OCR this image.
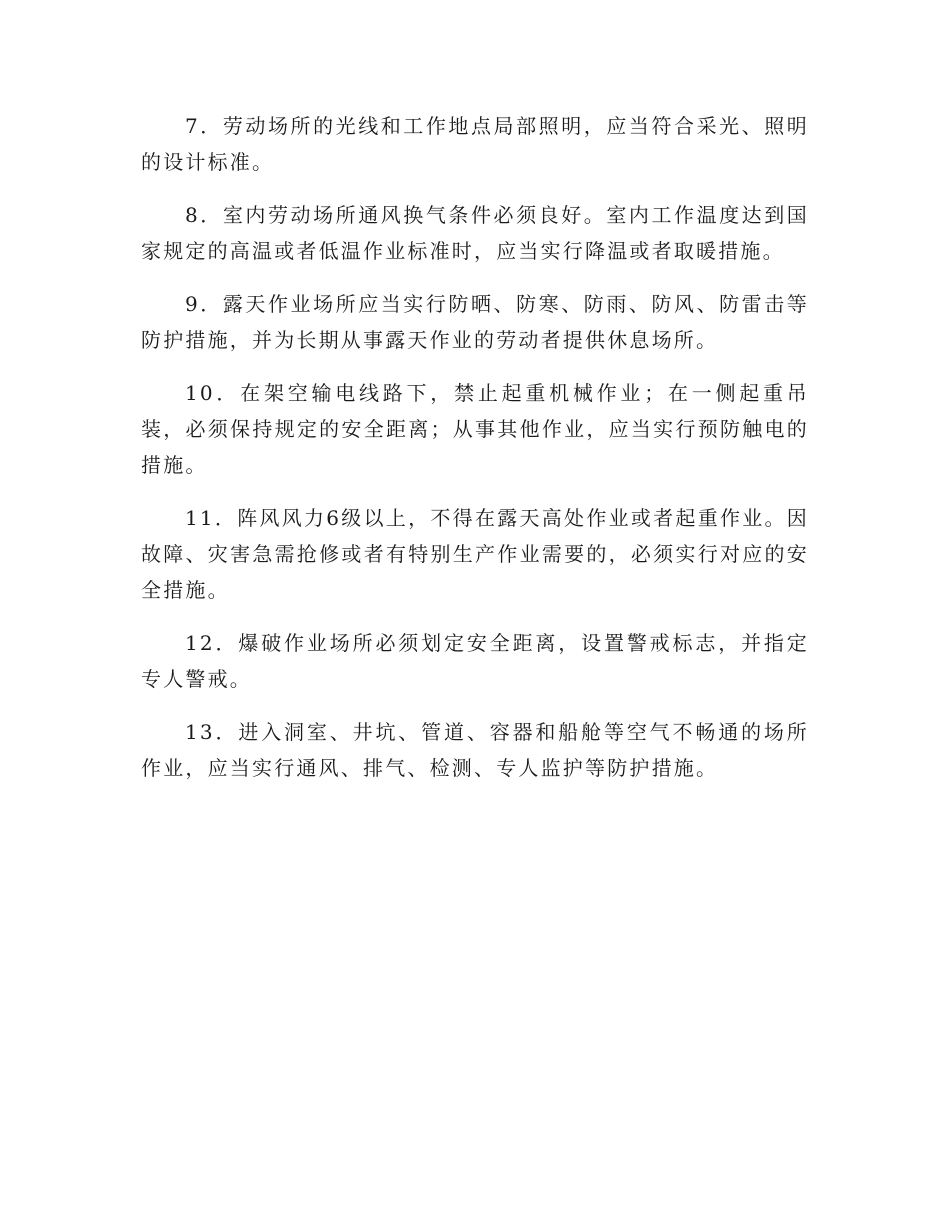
7．劳动场所的光线和工作地点局部照明，应当符合采光、照明的设计标准。

8．室内劳动场所通风换气条件必须良好。室内工作温度达到国家规定的高温或者低温作业标准时，应当实行降温或者取暖措施。

9．露天作业场所应当实行防晒、防寒、防雨、防风、防雷击等防护措施，并为长期从事露天作业的劳动者提供休息场所。

10．在架空输电线路下，禁止起重机械作业；在一侧起重吊装，必须保持规定的安全距离；从事其他作业，应当实行预防触电的措施。

11．阵风风力6级以上，不得在露天高处作业或者起重作业。因故障、灾害急需抢修或者有特别生产作业需要的，必须实行对应的安全措施。

12．爆破作业场所必须划定安全距离，设置警戒标志，并指定专人警戒。

13．进入洞室、井坑、管道、容器和船舱等空气不畅通的场所作业，应当实行通风、排气、检测、专人监护等防护措施。
